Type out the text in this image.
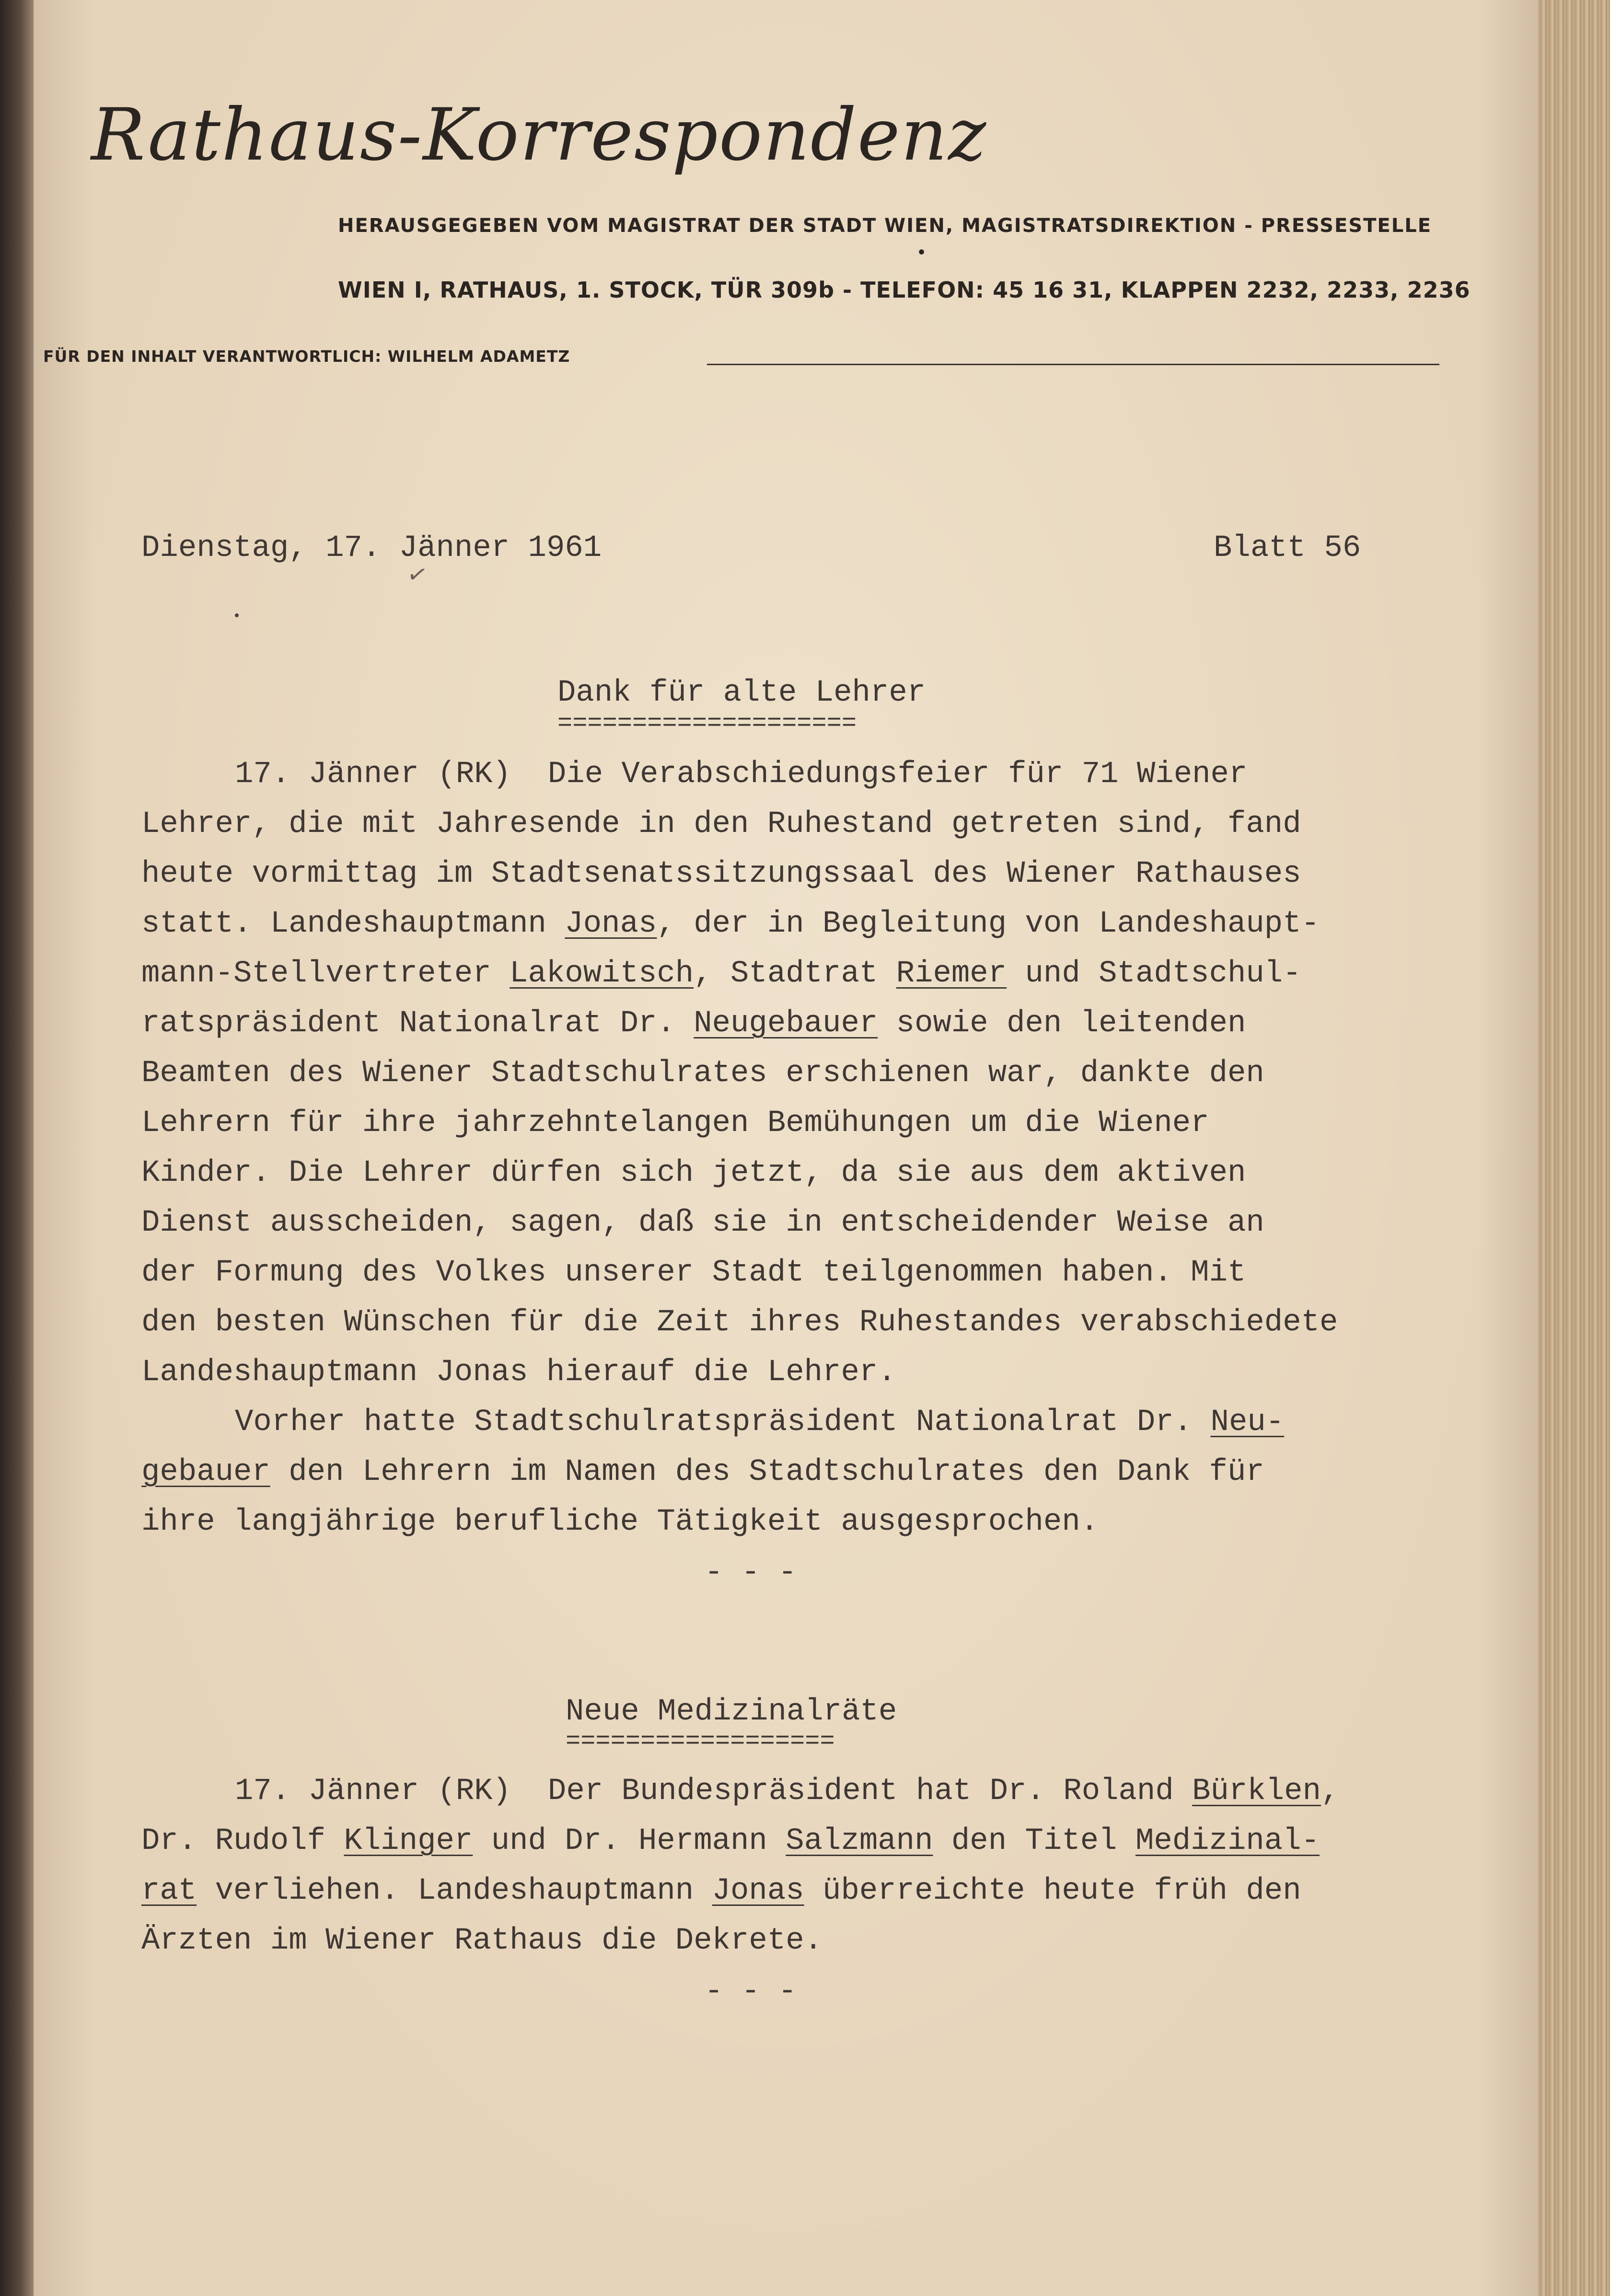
Rathaus-Korrespondenz
HERAUSGEGEBEN VOM MAGISTRAT DER STADT WIEN, MAGISTRATSDIREKTION - PRESSESTELLE
•
WIEN I, RATHAUS, 1. STOCK, TÜR 309b - TELEFON: 45 16 31, KLAPPEN 2232, 2233, 2236
FÜR DEN INHALT VERANTWORTLICH: WILHELM ADAMETZ
Dienstag, 17. Jänner 1961	Blatt 56
✓
Dank für alte Lehrer
====================
17. Jänner (RK)  Die Verabschiedungsfeier für 71 Wiener
Lehrer, die mit Jahresende in den Ruhestand getreten sind, fand
heute vormittag im Stadtsenatssitzungssaal des Wiener Rathauses
statt. Landeshauptmann Jonas, der in Begleitung von Landeshaupt-
mann-Stellvertreter Lakowitsch, Stadtrat Riemer und Stadtschul-
ratspräsident Nationalrat Dr. Neugebauer sowie den leitenden
Beamten des Wiener Stadtschulrates erschienen war, dankte den
Lehrern für ihre jahrzehntelangen Bemühungen um die Wiener
Kinder. Die Lehrer dürfen sich jetzt, da sie aus dem aktiven
Dienst ausscheiden, sagen, daß sie in entscheidender Weise an
der Formung des Volkes unserer Stadt teilgenommen haben. Mit
den besten Wünschen für die Zeit ihres Ruhestandes verabschiedete
Landeshauptmann Jonas hierauf die Lehrer.
Vorher hatte Stadtschulratspräsident Nationalrat Dr. Neu-
gebauer den Lehrern im Namen des Stadtschulrates den Dank für
ihre langjährige berufliche Tätigkeit ausgesprochen.
- - -
Neue Medizinalräte
==================
17. Jänner (RK)  Der Bundespräsident hat Dr. Roland Bürklen,
Dr. Rudolf Klinger und Dr. Hermann Salzmann den Titel Medizinal-
rat verliehen. Landeshauptmann Jonas überreichte heute früh den
Ärzten im Wiener Rathaus die Dekrete.
- - -
